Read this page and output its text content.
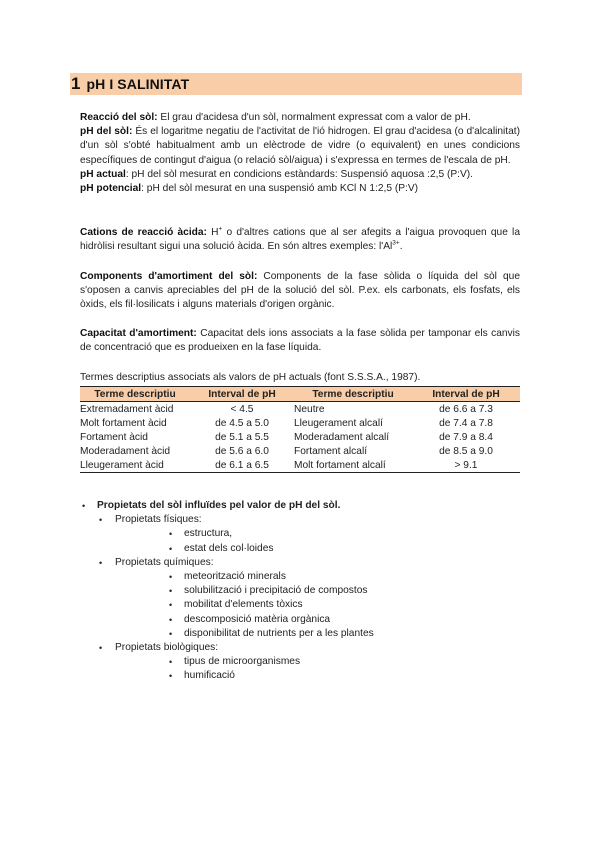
1 pH I SALINITAT

Reacció del sòl: El grau d'acidesa d'un sòl, normalment expressat com a valor de pH.

pH del sòl: És el logaritme negatiu de l'activitat de l'ió hidrogen. El grau d'acidesa (o d'alcalinitat) d'un sòl s'obté habitualment amb un elèctrode de vidre (o equivalent) en unes condicions específiques de contingut d'aigua (o relació sòl/aigua) i s'expressa en termes de l'escala de pH.

pH actual: pH del sòl mesurat en condicions estàndards: Suspensió aquosa :2,5 (P:V).

pH potencial: pH del sòl mesurat en una suspensió amb KCl N 1:2,5 (P:V)

Cations de reacció àcida: H+ o d'altres cations que al ser afegits a l'aigua provoquen que la hidròlisi resultant sigui una solució àcida. En són altres exemples: $l'Al^{3+}$.
Components d'amortiment del sòl: Components de la fase sòlida o líquida del sòl que s'oposen a canvis apreciables del pH de la solució del sòl. P.ex. els carbonats, els fosfats, els òxids, els fil·losilicats i alguns materials d'origen orgànic.
Capacitat d'amortiment: Capacitat dels ions associats a la fase sòlida per tamponar els canvis de concentració que es produeixen en la fase líquida.
Termes descriptius associats als valors de pH actuals (font S.S.S.A., 1987).
Terme descriptiu	Interval de pH	Terme descriptiu	Interval de pH
Extremadament àcid	< 4.5	Neutre	de 6.6 a 7.3
Molt fortament àcid	de 4.5 a 5.0	Lleugerament alcalí	de 7.4 a 7.8
Fortament àcid	de 5.1 a 5.5	Moderadament alcalí	de 7.9 a 8.4
Moderadament àcid	de 5.6 a 6.0	Fortament alcalí	de 8.5 a 9.0
Lleugerament àcid	de 6.1 a 6.5	Molt fortament alcalí	> 9.1
• Propietats del sòl influïdes pel valor de pH del sòl.
• Propietats físiques:
• estructura,
• estat dels col·loides
• Propietats químiques:
• meteorització minerals
• solubilització i precipitació de compostos
• mobilitat d'elements tòxics
• descomposició matèria orgànica
• disponibilitat de nutrients per a les plantes
• Propietats biològiques:
• tipus de microorganismes
• humificació
